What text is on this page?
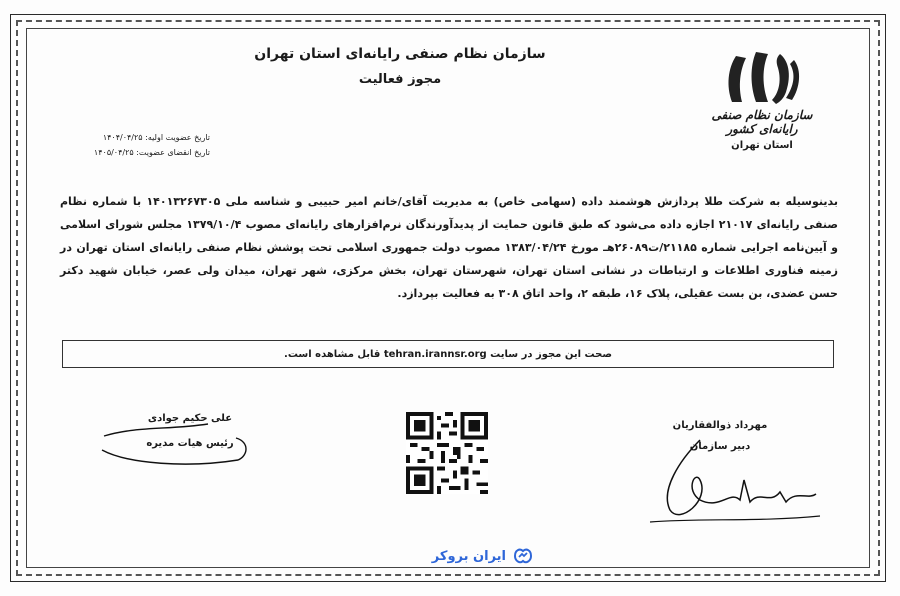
سازمان نظام صنفی رایانه‌ای استان تهران
مجوز فعالیت
سازمان نظام صنفی رایانه‌ای کشور
استان تهران
تاریخ عضویت اولیه: ۱۴۰۴/۰۴/۲۵
تاریخ انقضای عضویت: ۱۴۰۵/۰۴/۲۵
بدینوسیله به شرکت طلا پردازش هوشمند داده (سهامی خاص) به مدیریت آقای/خانم امیر حبیبی و شناسه ملی ۱۴۰۱۳۲۶۷۳۰۵ با شماره نظام صنفی رایانه‌ای ۲۱۰۱۷ اجازه داده می‌شود که طبق قانون حمایت از پدیدآورندگان نرم‌افزارهای رایانه‌ای مصوب ۱۳۷۹/۱۰/۴ مجلس شورای اسلامی و آیین‌نامه اجرایی شماره ۲۱۱۸۵/ت۲۶۰۸۹هـ مورخ ۱۳۸۳/۰۴/۲۴ مصوب دولت جمهوری اسلامی تحت پوشش نظام صنفی رایانه‌ای استان تهران در زمینه فناوری اطلاعات و ارتباطات در نشانی استان تهران، شهرستان تهران، بخش مرکزی، شهر تهران، میدان ولی عصر، خیابان شهید دکتر حسن عضدی، بن بست عقیلی، پلاک ۱۶، طبقه ۲، واحد اتاق ۳۰۸ به فعالیت بپردازد.
صحت این مجوز در سایت tehran.irannsr.org قابل مشاهده است.
علی حکیم جوادی
رئیس هیات مدیره
مهرداد ذوالفقاریان
دبیر سازمان
ایران بروکر
